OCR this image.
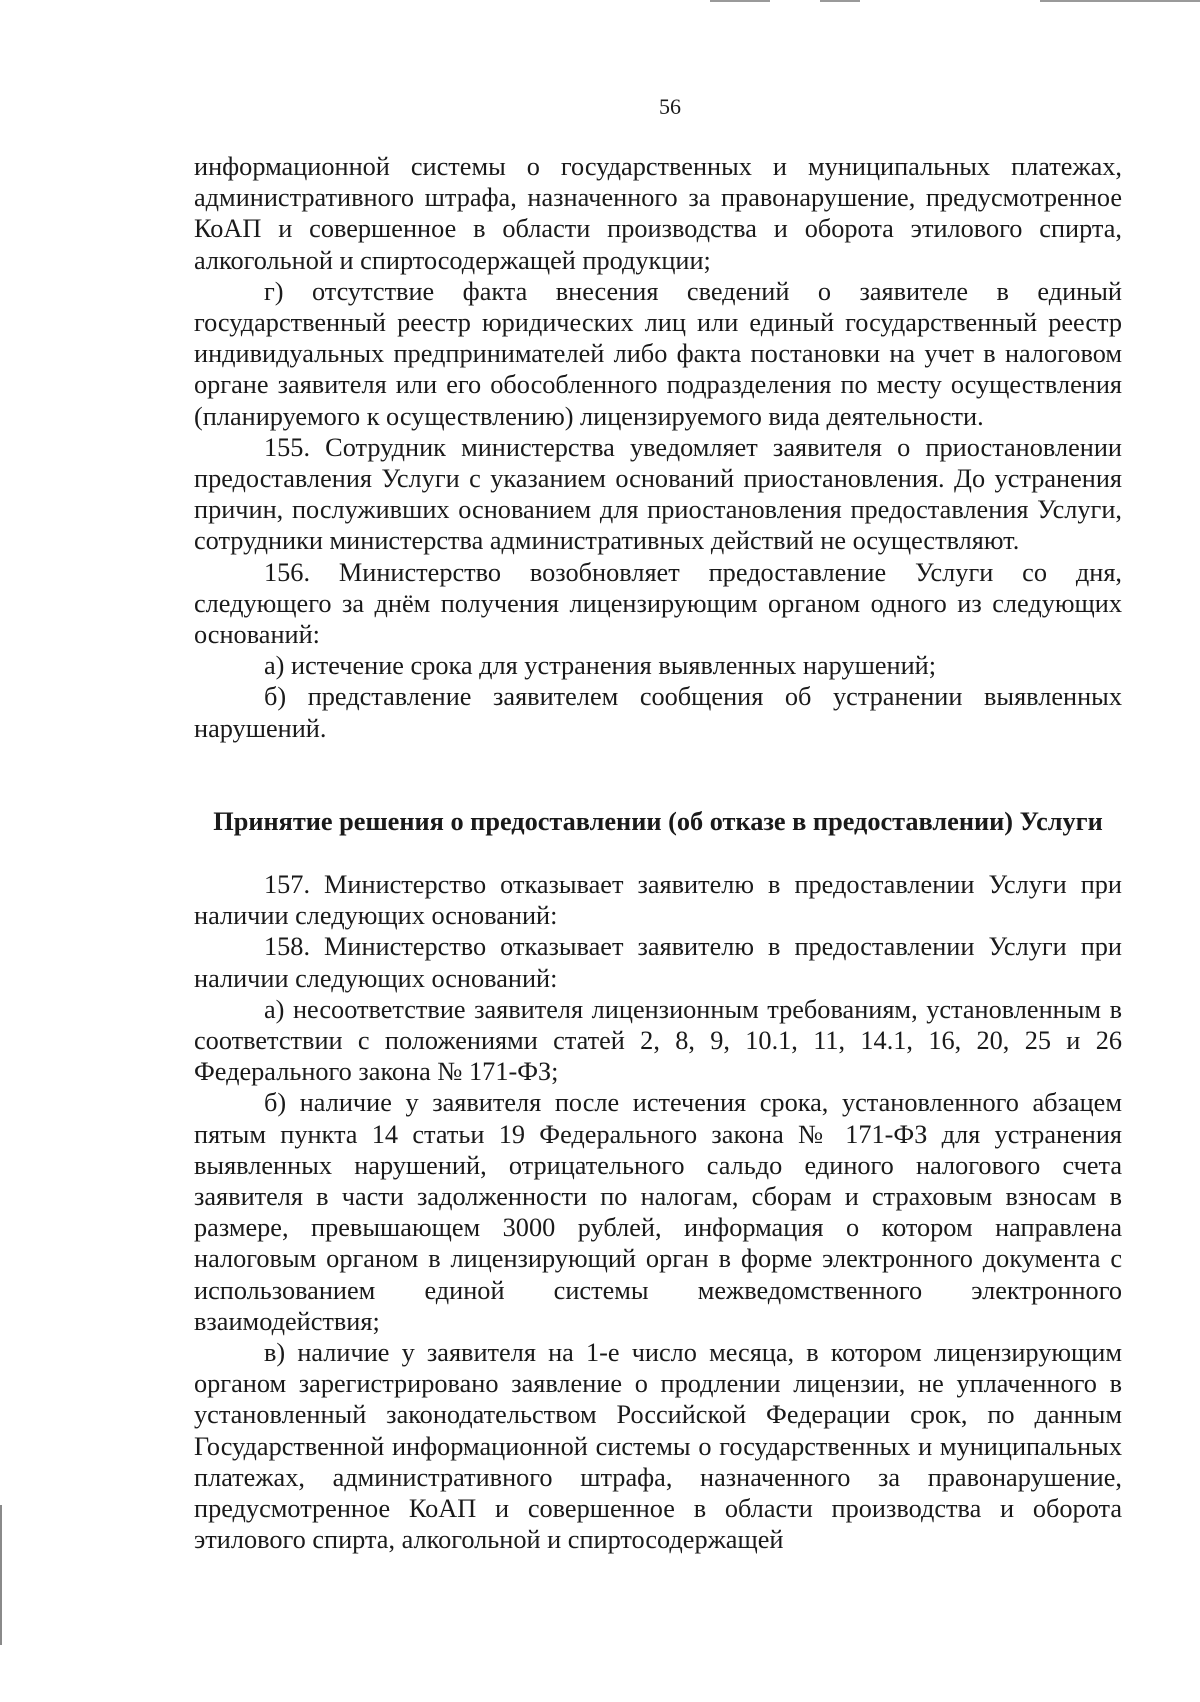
56

информационной системы о государственных и муниципальных платежах, административного штрафа, назначенного за правонарушение, предусмотренное КоАП и совершенное в области производства и оборота этилового спирта, алкогольной и спиртосодержащей продукции;

г) отсутствие факта внесения сведений о заявителе в единый государственный реестр юридических лиц или единый государственный реестр индивидуальных предпринимателей либо факта постановки на учет в налоговом органе заявителя или его обособленного подразделения по месту осуществления (планируемого к осуществлению) лицензируемого вида деятельности.

155. Сотрудник министерства уведомляет заявителя о приостановлении предоставления Услуги с указанием оснований приостановления. До устранения причин, послуживших основанием для приостановления предоставления Услуги, сотрудники министерства административных действий не осуществляют.

156. Министерство возобновляет предоставление Услуги со дня, следующего за днём получения лицензирующим органом одного из следующих оснований:

а) истечение срока для устранения выявленных нарушений;

б) представление заявителем сообщения об устранении выявленных нарушений.

Принятие решения о предоставлении (об отказе в предоставлении) Услуги

157. Министерство отказывает заявителю в предоставлении Услуги при наличии следующих оснований:

158. Министерство отказывает заявителю в предоставлении Услуги при наличии следующих оснований:

а) несоответствие заявителя лицензионным требованиям, установленным в соответствии с положениями статей 2, 8, 9, 10.1, 11, 14.1, 16, 20, 25 и 26 Федерального закона № 171-ФЗ;

б) наличие у заявителя после истечения срока, установленного абзацем пятым пункта 14 статьи 19 Федерального закона № 171-ФЗ для устранения выявленных нарушений, отрицательного сальдо единого налогового счета заявителя в части задолженности по налогам, сборам и страховым взносам в размере, превышающем 3000 рублей, информация о котором направлена налоговым органом в лицензирующий орган в форме электронного документа с использованием единой системы межведомственного электронного взаимодействия;

в) наличие у заявителя на 1-е число месяца, в котором лицензирующим органом зарегистрировано заявление о продлении лицензии, не уплаченного в установленный законодательством Российской Федерации срок, по данным Государственной информационной системы о государственных и муниципальных платежах, административного штрафа, назначенного за правонарушение, предусмотренное КоАП и совершенное в области производства и оборота этилового спирта, алкогольной и спиртосодержащей
